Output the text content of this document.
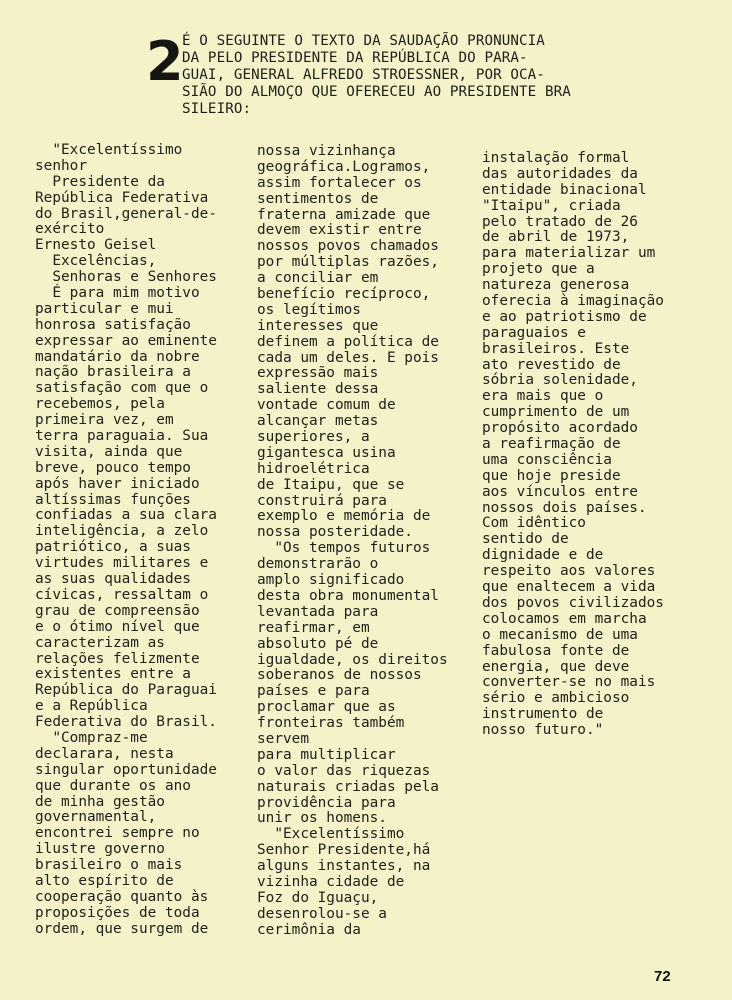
2 É O SEGUINTE O TEXTO DA SAUDAÇÃO PRONUNCIA
DA PELO PRESIDENTE DA REPÚBLICA DO PARA-
GUAI, GENERAL ALFREDO STROESSNER, POR OCA-
SIÃO DO ALMOÇO QUE OFERECEU AO PRESIDENTE BRA
SILEIRO:
"Excelentíssimo
senhor
Presidente da
República Federativa
do Brasil,general-de-
exército
Ernesto Geisel
Excelências,
Senhoras e Senhores
É para mim motivo
particular e mui
honrosa satisfação
expressar ao eminente
mandatário da nobre
nação brasileira a
satisfação com que o
recebemos, pela
primeira vez, em
terra paraguaia. Sua
visita, ainda que
breve, pouco tempo
após haver iniciado
altíssimas funções
confiadas a sua clara
inteligência, a zelo
patriótico, a suas
virtudes militares e
as suas qualidades
cívicas, ressaltam o
grau de compreensão
e o ótimo nível que
caracterizam as
relações felizmente
existentes entre a
República do Paraguai
e a República
Federativa do Brasil.
"Compraz-me
declarara, nesta
singular oportunidade
que durante os ano
de minha gestão
governamental,
encontrei sempre no
ilustre governo
brasileiro o mais
alto espírito de
cooperação quanto às
proposições de toda
ordem, que surgem de
nossa vizinhança
geográfica.Logramos,
assim fortalecer os
sentimentos de
fraterna amizade que
devem existir entre
nossos povos chamados
por múltiplas razões,
a conciliar em
benefício recíproco,
os legítimos
interesses que
definem a política de
cada um deles. E pois
expressão mais
saliente dessa
vontade comum de
alcançar metas
superiores, a
gigantesca usina
hidroelétrica
de Itaipu, que se
construirá para
exemplo e memória de
nossa posteridade.
"Os tempos futuros
demonstrarão o
amplo significado
desta obra monumental
levantada para
reafirmar, em
absoluto pé de
igualdade, os direitos
soberanos de nossos
países e para
proclamar que as
fronteiras também
servem
para multiplicar
o valor das riquezas
naturais criadas pela
providência para
unir os homens.
"Excelentíssimo
Senhor Presidente,há
alguns instantes, na
vizinha cidade de
Foz do Iguaçu,
desenrolou-se a
cerimônia da
instalação formal
das autoridades da
entidade binacional
"Itaipu", criada
pelo tratado de 26
de abril de 1973,
para materializar um
projeto que a
natureza generosa
oferecia à imaginação
e ao patriotismo de
paraguaios e
brasileiros. Este
ato revestido de
sóbria solenidade,
era mais que o
cumprimento de um
propósito acordado
a reafirmação de
uma consciência
que hoje preside
aos vínculos entre
nossos dois países.
Com idêntico
sentido de
dignidade e de
respeito aos valores
que enaltecem a vida
dos povos civilizados
colocamos em marcha
o mecanismo de uma
fabulosa fonte de
energia, que deve
converter-se no mais
sério e ambicioso
instrumento de
nosso futuro."
72
